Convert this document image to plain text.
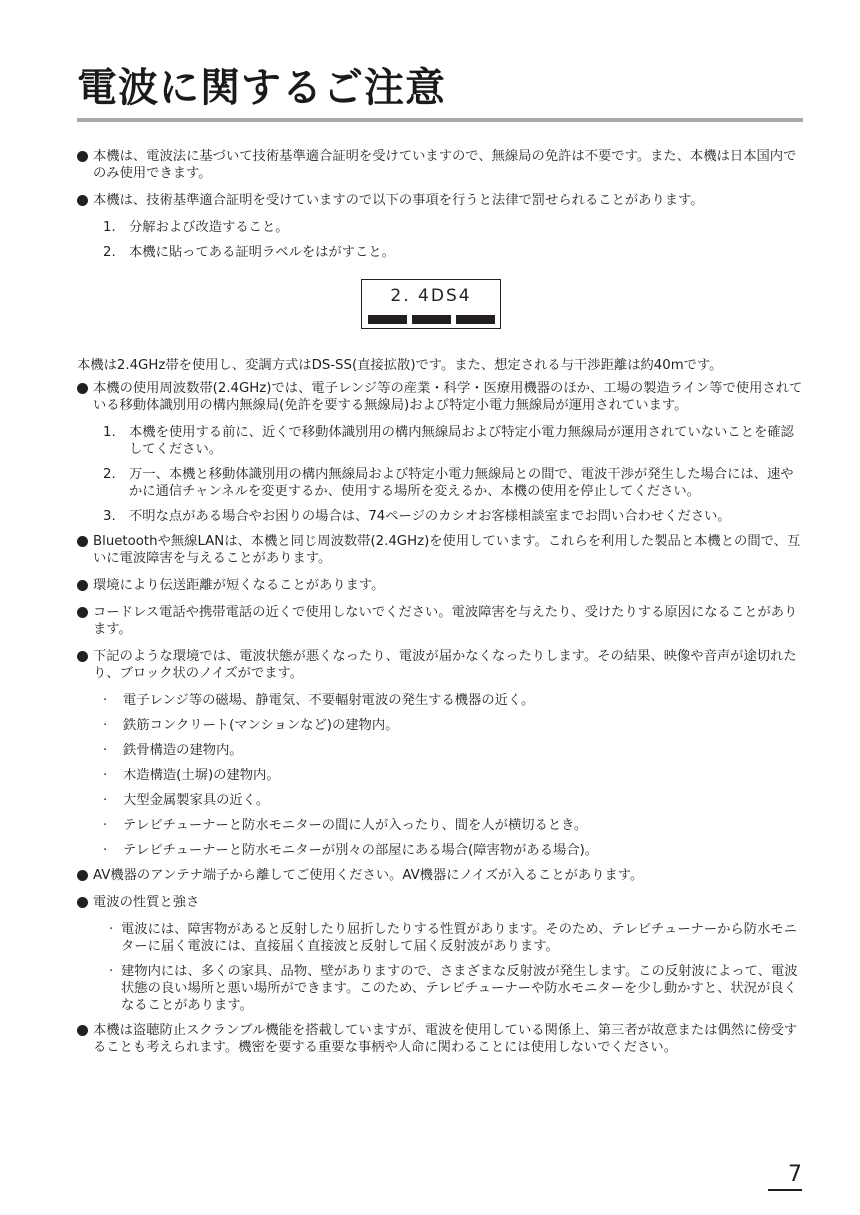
電波に関するご注意
本機は、電波法に基づいて技術基準適合証明を受けていますので、無線局の免許は不要です。また、本機は日本国内でのみ使用できます。
本機は、技術基準適合証明を受けていますので以下の事項を行うと法律で罰せられることがあります。
1. 分解および改造すること。
2. 本機に貼ってある証明ラベルをはがすこと。
2. 4DS4
本機は2.4GHz帯を使用し、変調方式はDS-SS(直接拡散)です。また、想定される与干渉距離は約40mです。
本機の使用周波数帯(2.4GHz)では、電子レンジ等の産業・科学・医療用機器のほか、工場の製造ライン等で使用されている移動体識別用の構内無線局(免許を要する無線局)および特定小電力無線局が運用されています。
1. 本機を使用する前に、近くで移動体識別用の構内無線局および特定小電力無線局が運用されていないことを確認してください。
2. 万一、本機と移動体識別用の構内無線局および特定小電力無線局との間で、電波干渉が発生した場合には、速やかに通信チャンネルを変更するか、使用する場所を変えるか、本機の使用を停止してください。
3. 不明な点がある場合やお困りの場合は、74ページのカシオお客様相談室までお問い合わせください。
Bluetoothや無線LANは、本機と同じ周波数帯(2.4GHz)を使用しています。これらを利用した製品と本機との間で、互いに電波障害を与えることがあります。
環境により伝送距離が短くなることがあります。
コードレス電話や携帯電話の近くで使用しないでください。電波障害を与えたり、受けたりする原因になることがあります。
下記のような環境では、電波状態が悪くなったり、電波が届かなくなったりします。その結果、映像や音声が途切れたり、ブロック状のノイズがでます。
· 電子レンジ等の磁場、静電気、不要輻射電波の発生する機器の近く。
· 鉄筋コンクリート(マンションなど)の建物内。
· 鉄骨構造の建物内。
· 木造構造(土塀)の建物内。
· 大型金属製家具の近く。
· テレビチューナーと防水モニターの間に人が入ったり、間を人が横切るとき。
· テレビチューナーと防水モニターが別々の部屋にある場合(障害物がある場合)。
AV機器のアンテナ端子から離してご使用ください。AV機器にノイズが入ることがあります。
電波の性質と強さ
· 電波には、障害物があると反射したり屈折したりする性質があります。そのため、テレビチューナーから防水モニターに届く電波には、直接届く直接波と反射して届く反射波があります。
· 建物内には、多くの家具、品物、壁がありますので、さまざまな反射波が発生します。この反射波によって、電波状態の良い場所と悪い場所ができます。このため、テレビチューナーや防水モニターを少し動かすと、状況が良くなることがあります。
本機は盗聴防止スクランブル機能を搭載していますが、電波を使用している関係上、第三者が故意または偶然に傍受することも考えられます。機密を要する重要な事柄や人命に関わることには使用しないでください。
7
